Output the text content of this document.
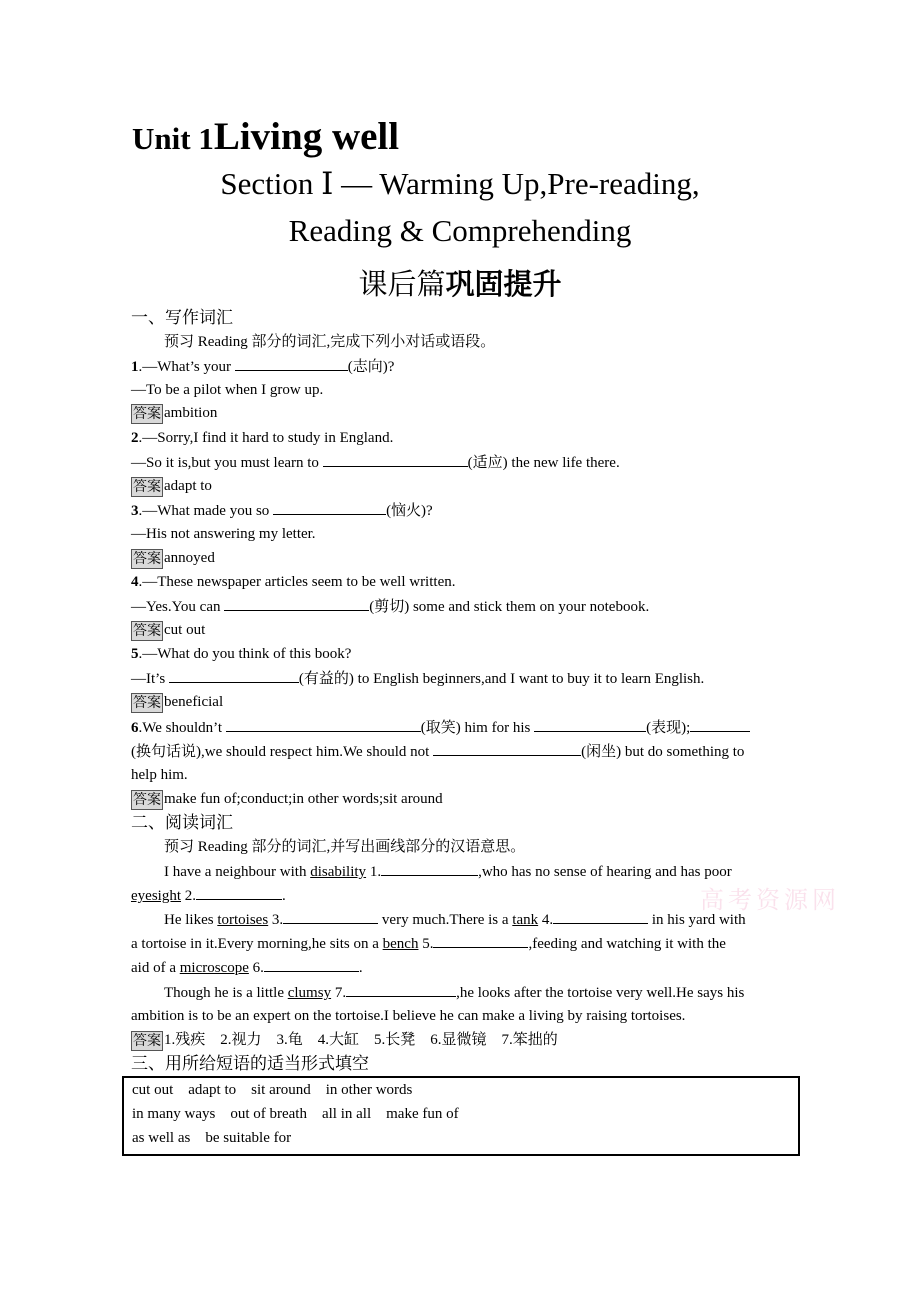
Unit 1Living well
Section Ⅰ — Warming Up,Pre-reading,
Reading & Comprehending
课后篇巩固提升
一、写作词汇
预习 Reading 部分的词汇,完成下列小对话或语段。
1.—What’s your	(志向)?
—To be a pilot when I grow up.
答案 ambition
2.—Sorry,I find it hard to study in England.
—So it is,but you must learn to	(适应) the new life there.
答案 adapt to
3.—What made you so	(恼火)?
—His not answering my letter.
答案 annoyed
4.—These newspaper articles seem to be well written.
—Yes.You can	(剪切) some and stick them on your notebook.
答案 cut out
5.—What do you think of this book?
—It’s	(有益的) to English beginners,and I want to buy it to learn English.
答案 beneficial
6.We shouldn’t	(取笑) him for his	(表现);
(换句话说),we should respect him.We should not	(闲坐) but do something to
help him.
答案 make fun of;conduct;in other words;sit around
二、阅读词汇
预习 Reading 部分的词汇,并写出画线部分的汉语意思。
I have a neighbour with disability 1.	,who has no sense of hearing and has poor
eyesight 2.	.
He likes tortoises 3.	very much.There is a tank 4.	in his yard with
a tortoise in it.Every morning,he sits on a bench 5.	,feeding and watching it with the
aid of a microscope 6.	.
Though he is a little clumsy 7.	,he looks after the tortoise very well.He says his
ambition is to be an expert on the tortoise.I believe he can make a living by raising tortoises.
答案 1.残疾　2.视力　3.龟　4.大缸　5.长凳　6.显微镜　7.笨拙的
三、用所给短语的适当形式填空
cut out    adapt to    sit around    in other words
in many ways    out of breath    all in all    make fun of
as well as    be suitable for
高考资源网
